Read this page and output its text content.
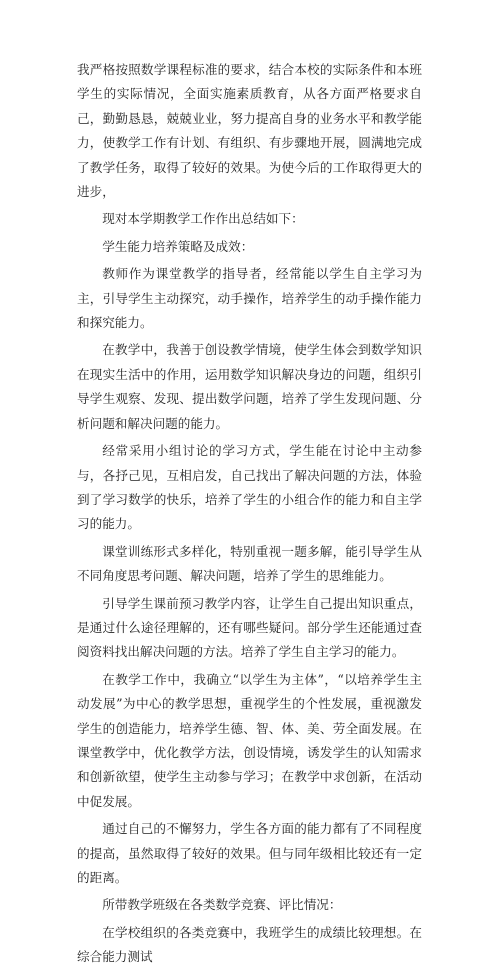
我严格按照数学课程标准的要求，结合本校的实际条件和本班学生的实际情况，全面实施素质教育，从各方面严格要求自己，勤勤恳恳，兢兢业业，努力提高自身的业务水平和教学能力，使教学工作有计划、有组织、有步骤地开展，圆满地完成了教学任务，取得了较好的效果。为使今后的工作取得更大的进步，

现对本学期教学工作作出总结如下：

学生能力培养策略及成效：

教师作为课堂教学的指导者，经常能以学生自主学习为主，引导学生主动探究，动手操作，培养学生的动手操作能力和探究能力。

在教学中，我善于创设教学情境，使学生体会到数学知识在现实生活中的作用，运用数学知识解决身边的问题，组织引导学生观察、发现、提出数学问题，培养了学生发现问题、分析问题和解决问题的能力。

经常采用小组讨论的学习方式，学生能在讨论中主动参与，各抒己见，互相启发，自己找出了解决问题的方法，体验到了学习数学的快乐，培养了学生的小组合作的能力和自主学习的能力。

课堂训练形式多样化，特别重视一题多解，能引导学生从不同角度思考问题、解决问题，培养了学生的思维能力。

引导学生课前预习教学内容，让学生自己提出知识重点，是通过什么途径理解的，还有哪些疑问。部分学生还能通过查阅资料找出解决问题的方法。培养了学生自主学习的能力。

在教学工作中，我确立“以学生为主体”，“以培养学生主动发展”为中心的教学思想，重视学生的个性发展，重视激发学生的创造能力，培养学生德、智、体、美、劳全面发展。在课堂教学中，优化教学方法，创设情境，诱发学生的认知需求和创新欲望，使学生主动参与学习；在教学中求创新，在活动中促发展。

通过自己的不懈努力，学生各方面的能力都有了不同程度的提高，虽然取得了较好的效果。但与同年级相比较还有一定的距离。

所带教学班级在各类数学竞赛、评比情况：

在学校组织的各类竞赛中，我班学生的成绩比较理想。在综合能力测试
